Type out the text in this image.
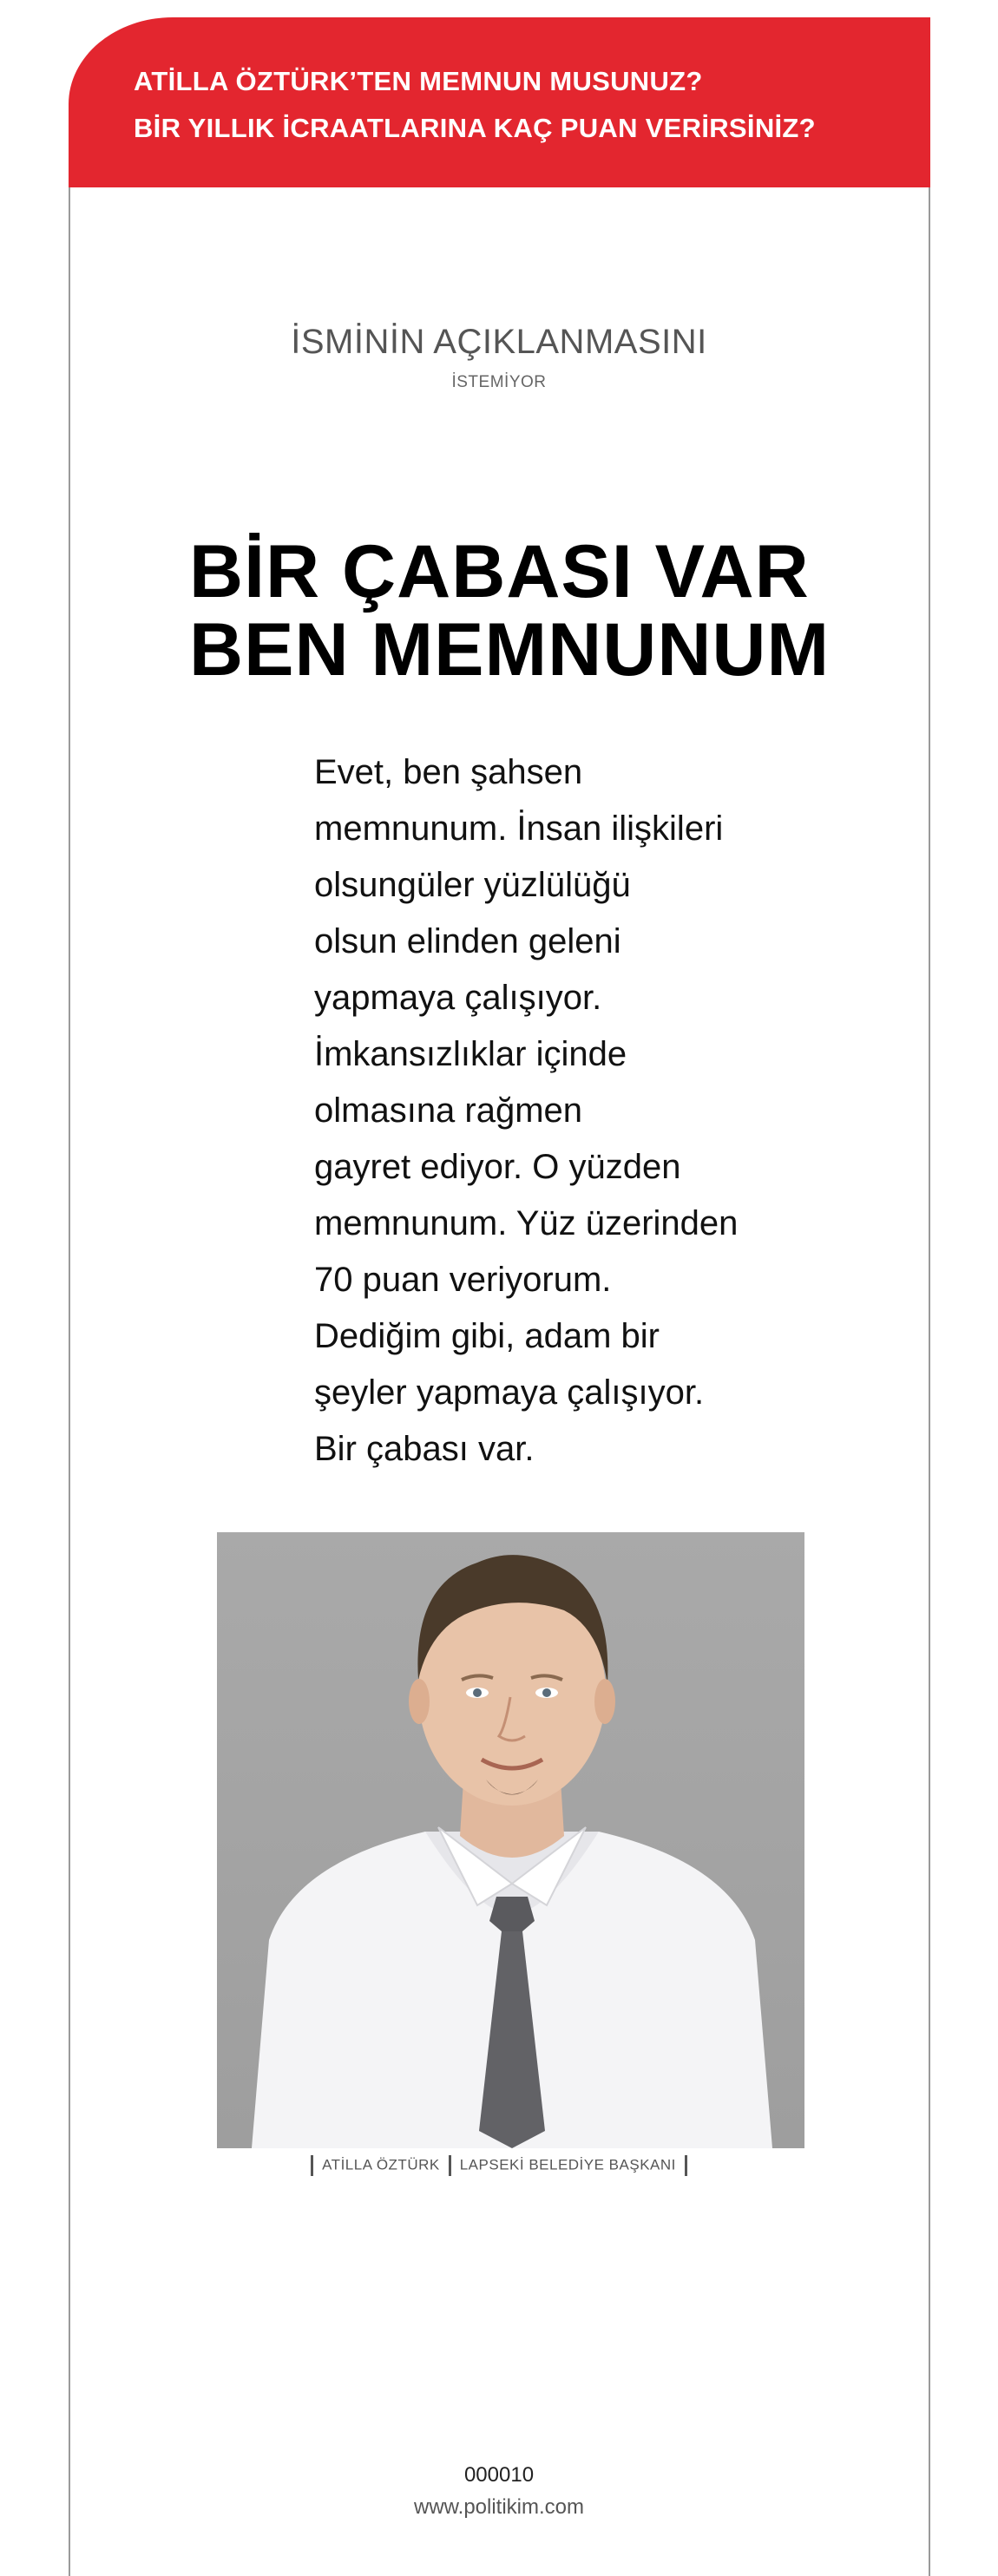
ATİLLA ÖZTÜRK’TEN MEMNUN MUSUNUZ?
BİR YILLIK İCRAATLARINA KAÇ PUAN VERİRSİNİZ?
İSMİNİN AÇIKLANMASINI
İSTEMİYOR
BİR ÇABASI VAR
BEN MEMNUNUM
Evet, ben şahsen
memnunum. İnsan ilişkileri
olsungüler yüzlülüğü
olsun elinden geleni
yapmaya çalışıyor.
İmkansızlıklar içinde
olmasına rağmen
gayret ediyor. O yüzden
memnunum. Yüz üzerinden
70 puan veriyorum.
Dediğim gibi, adam bir
şeyler yapmaya çalışıyor.
Bir çabası var.
ATİLLA ÖZTÜRK LAPSEKİ BELEDİYE BAŞKANI
000010
www.politikim.com
